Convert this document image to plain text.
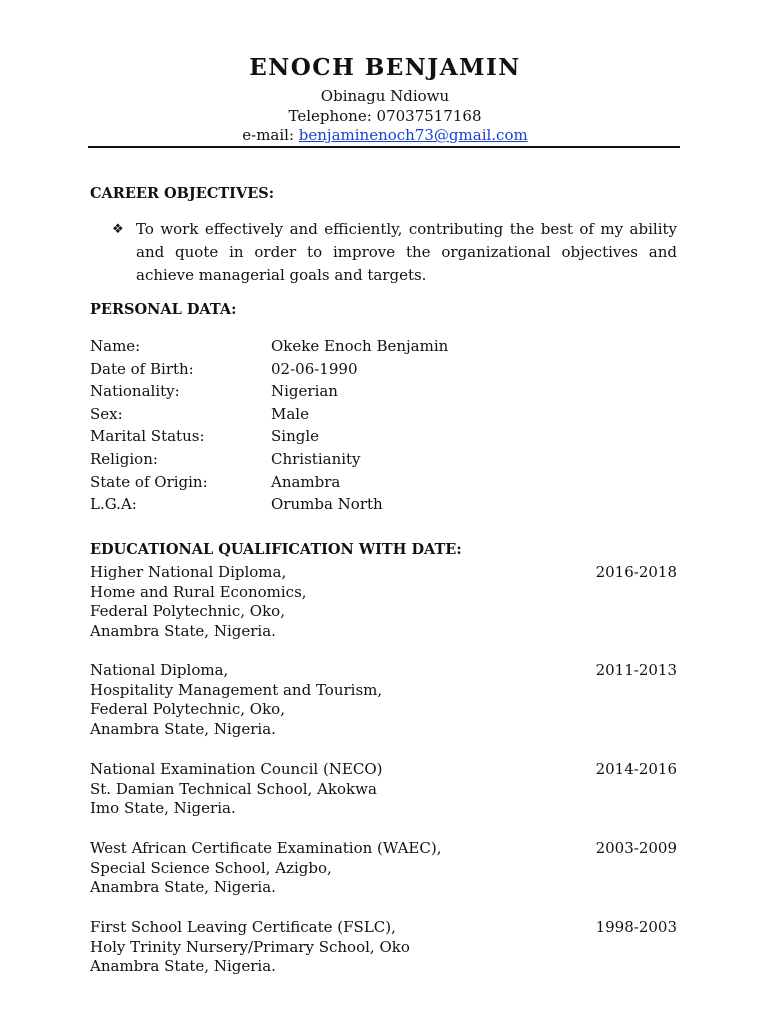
ENOCH BENJAMIN
Obinagu Ndiowu
Telephone: 07037517168
e-mail: benjaminenoch73@gmail.com
CAREER OBJECTIVES:
❖ To work effectively and efficiently, contributing the best of my ability and quote in order to improve the organizational objectives and achieve managerial goals and targets.
PERSONAL DATA:
Name:	Okeke Enoch Benjamin
Date of Birth:	02-06-1990
Nationality:	Nigerian
Sex:	Male
Marital Status:	Single
Religion:	Christianity
State of Origin:	Anambra
L.G.A:	Orumba North
EDUCATIONAL QUALIFICATION WITH DATE:
Higher National Diploma,
Home and Rural Economics,
Federal Polytechnic, Oko,
Anambra State, Nigeria.
2016-2018
National Diploma,
Hospitality Management and Tourism,
Federal Polytechnic, Oko,
Anambra State, Nigeria.
2011-2013
National Examination Council (NECO)
St. Damian Technical School, Akokwa
Imo State, Nigeria.
2014-2016
West African Certificate Examination (WAEC),
Special Science School, Azigbo,
Anambra State, Nigeria.
2003-2009
First School Leaving Certificate (FSLC),
Holy Trinity Nursery/Primary School, Oko
Anambra State, Nigeria.
1998-2003
